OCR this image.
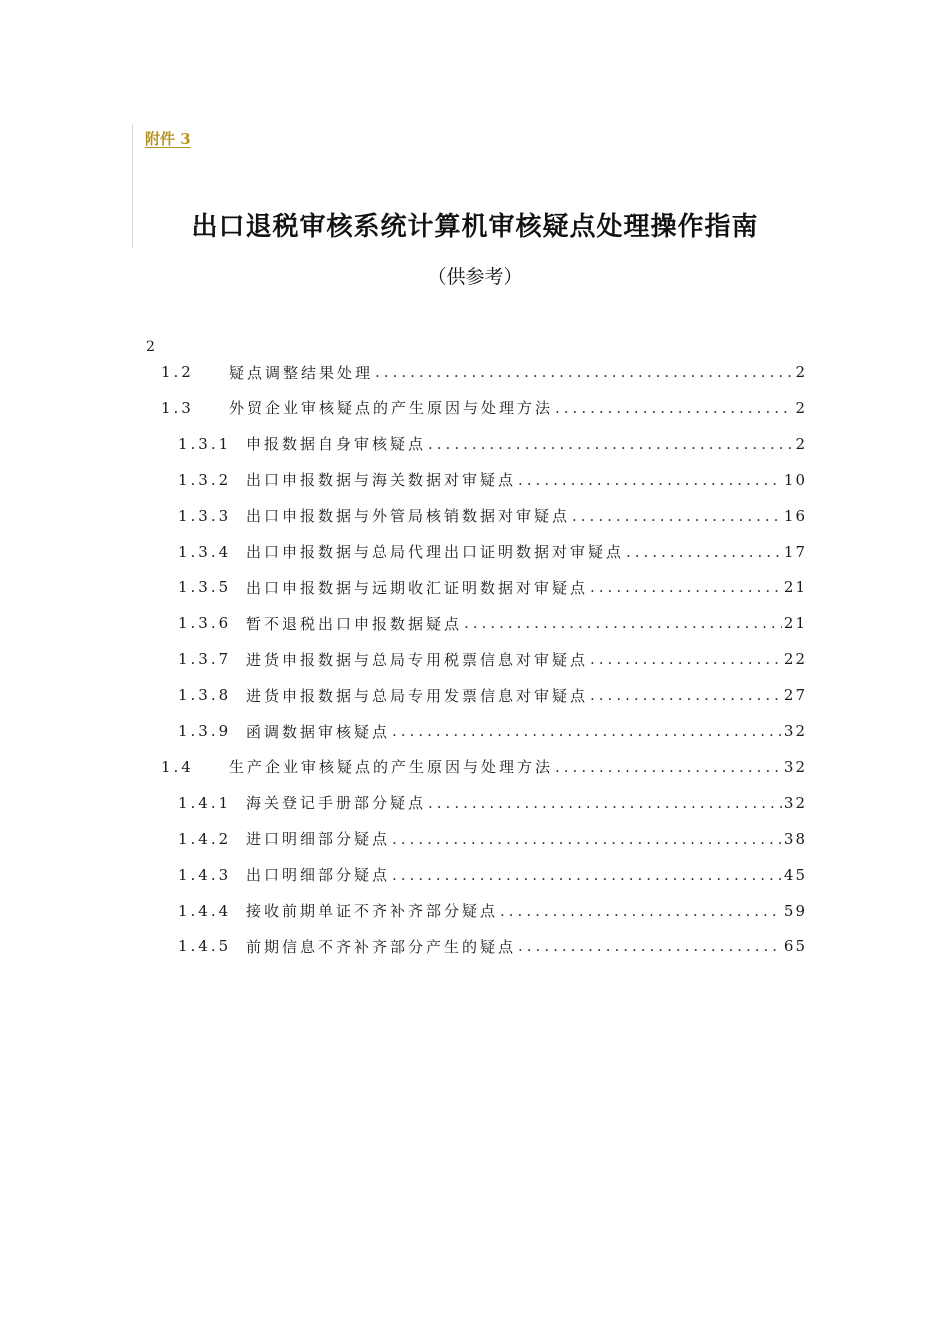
附件 3
出口退税审核系统计算机审核疑点处理操作指南
（供参考）
2
1.2	疑点调整结果处理 .....	2
1.3	外贸企业审核疑点的产生原因与处理方法 .....	2
1.3.1 申报数据自身审核疑点 .....	2
1.3.2 出口申报数据与海关数据对审疑点 .....	10
1.3.3 出口申报数据与外管局核销数据对审疑点 .....	16
1.3.4 出口申报数据与总局代理出口证明数据对审疑点 .....	17
1.3.5 出口申报数据与远期收汇证明数据对审疑点 .....	21
1.3.6 暂不退税出口申报数据疑点 .....	21
1.3.7 进货申报数据与总局专用税票信息对审疑点 .....	22
1.3.8 进货申报数据与总局专用发票信息对审疑点 .....	27
1.3.9 函调数据审核疑点 .....	32
1.4	生产企业审核疑点的产生原因与处理方法 .....	32
1.4.1 海关登记手册部分疑点 .....	32
1.4.2 进口明细部分疑点 .....	38
1.4.3 出口明细部分疑点 .....	45
1.4.4 接收前期单证不齐补齐部分疑点 .....	59
1.4.5 前期信息不齐补齐部分产生的疑点 .....	65
